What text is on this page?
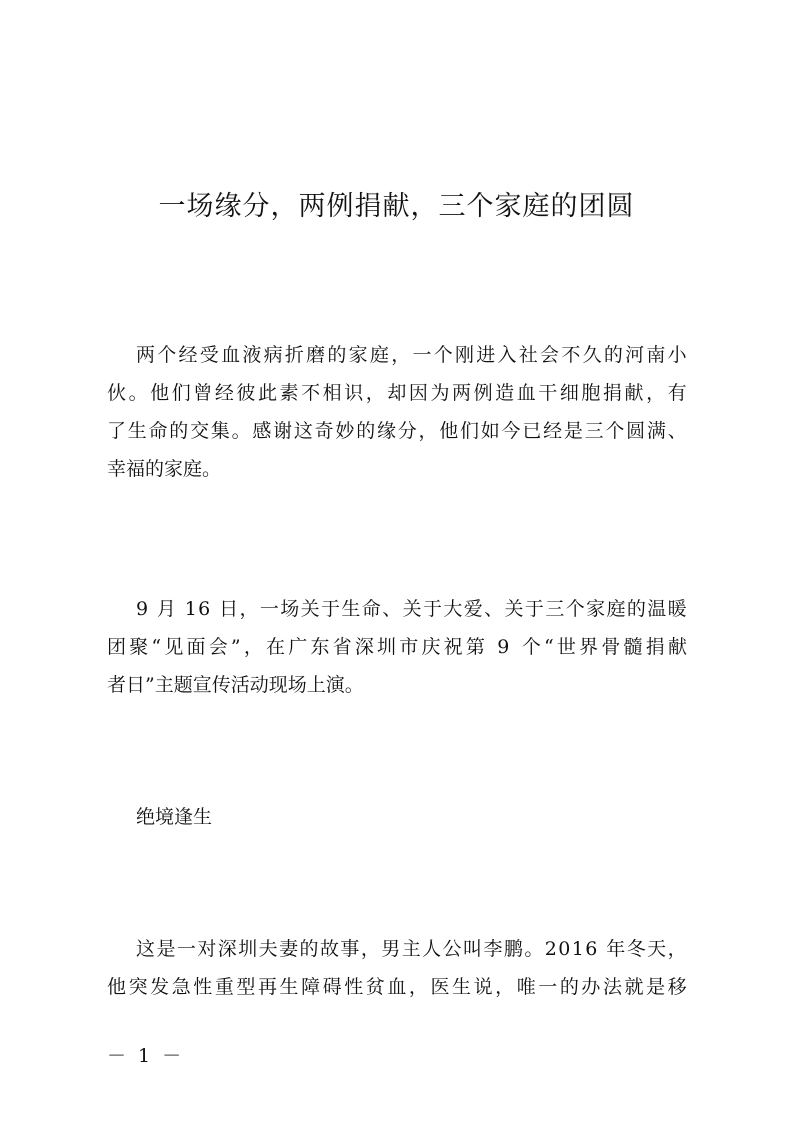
一场缘分，两例捐献，三个家庭的团圆
两 个 经 受 血 液 病 折 磨 的 家 庭 ， 一 个 刚 进 入 社 会 不 久 的 河 南 小
伙 。 他 们 曾 经 彼 此 素 不 相 识 ， 却 因 为 两 例 造 血 干 细 胞 捐 献 ， 有
了 生 命 的 交 集 。 感 谢 这 奇 妙 的 缘 分 ， 他 们 如 今 已 经 是 三 个 圆 满 、
幸福的家庭。
9
月
1 6
日 ， 一 场 关 于 生 命 、 关 于 大 爱 、 关 于 三 个 家 庭 的 温 暖
团 聚 “ 见 面 会 ” ， 在 广 东 省 深 圳 市 庆 祝 第
9
个 “ 世 界 骨 髓 捐 献
者日”主题宣传活动现场上演。
绝境逢生
这 是 一 对 深 圳 夫 妻 的 故 事 ， 男 主 人 公 叫 李 鹏 。 2 0 1 6
年 冬 天 ，
他 突 发 急 性 重 型 再 生 障 碍 性 贫 血 ， 医 生 说 ， 唯 一 的 办 法 就 是 移
－ 1 －
